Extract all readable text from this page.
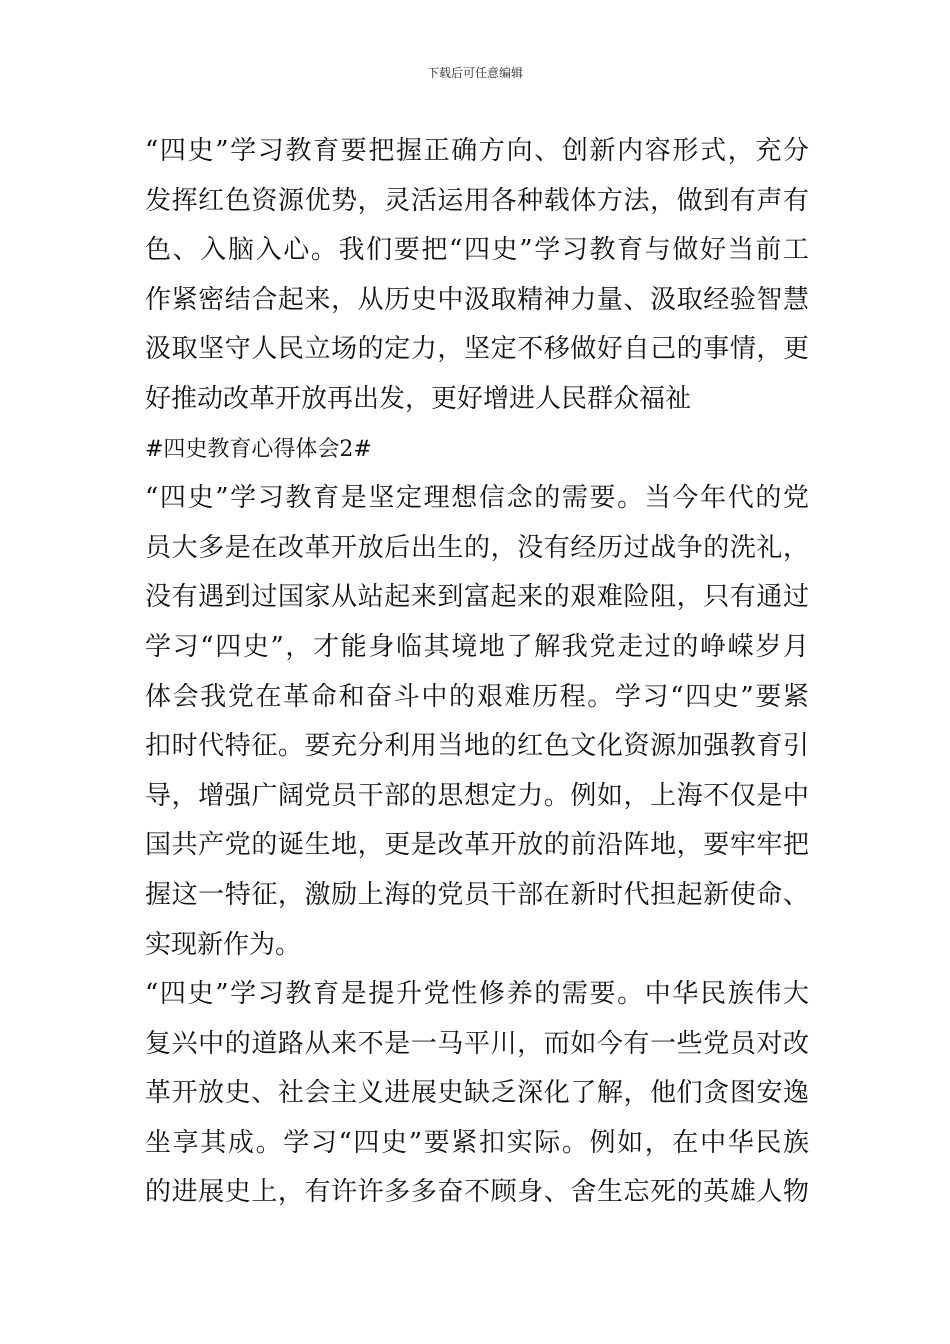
下载后可任意编辑
“四史”学习教育要把握正确方向、创新内容形式，充分
发挥红色资源优势，灵活运用各种载体方法，做到有声有
色、入脑入心。我们要把“四史”学习教育与做好当前工
作紧密结合起来，从历史中汲取精神力量、汲取经验智慧
汲取坚守人民立场的定力，坚定不移做好自己的事情，更
好推动改革开放再出发，更好增进人民群众福祉
#四史教育心得体会2#
“四史”学习教育是坚定理想信念的需要。当今年代的党
员大多是在改革开放后出生的，没有经历过战争的洗礼，
没有遇到过国家从站起来到富起来的艰难险阻，只有通过
学习“四史”，才能身临其境地了解我党走过的峥嵘岁月
体会我党在革命和奋斗中的艰难历程。学习“四史”要紧
扣时代特征。要充分利用当地的红色文化资源加强教育引
导，增强广阔党员干部的思想定力。例如，上海不仅是中
国共产党的诞生地，更是改革开放的前沿阵地，要牢牢把
握这一特征，激励上海的党员干部在新时代担起新使命、
实现新作为。
“四史”学习教育是提升党性修养的需要。中华民族伟大
复兴中的道路从来不是一马平川，而如今有一些党员对改
革开放史、社会主义进展史缺乏深化了解，他们贪图安逸
坐享其成。学习“四史”要紧扣实际。例如，在中华民族
的进展史上，有许许多多奋不顾身、舍生忘死的英雄人物
